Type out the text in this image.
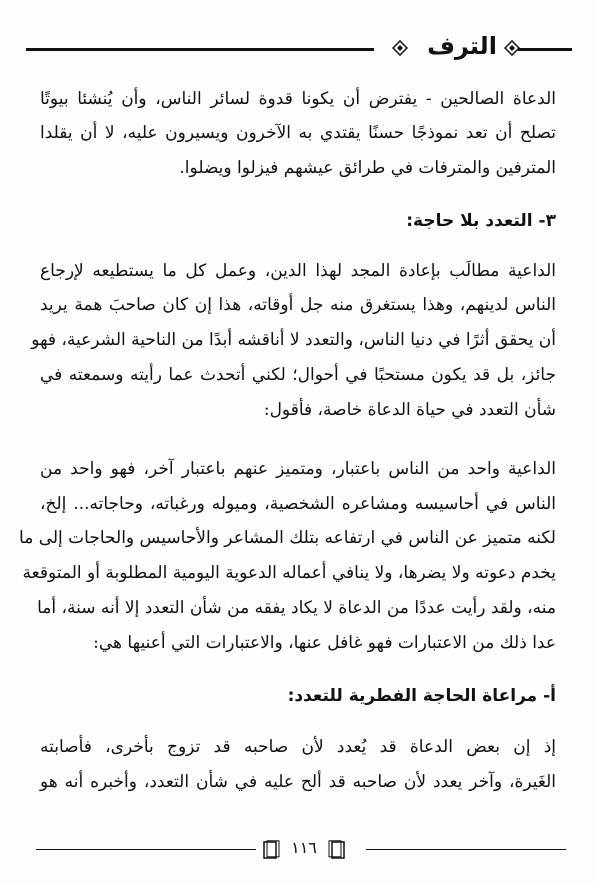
الترف
الدعاة الصالحين - يفترض أن يكونا قدوة لسائر الناس، وأن يُنشئا بيوتًا
تصلح أن تعد نموذجًا حسنًا يقتدي به الآخرون ويسيرون عليه، لا أن يقلدا
المترفين والمترفات في طرائق عيشهم فيزلوا ويضلوا.
٣- التعدد بلا حاجة:
الداعية مطالَب بإعادة المجد لهذا الدين، وعمل كل ما يستطيعه لإرجاع
الناس لدينهم، وهذا يستغرق منه جل أوقاته، هذا إن كان صاحبَ همة يريد
أن يحقق أثرًا في دنيا الناس، والتعدد لا أناقشه أبدًا من الناحية الشرعية، فهو
جائز، بل قد يكون مستحبًا في أحوال؛ لكني أتحدث عما رأيته وسمعته في
شأن التعدد في حياة الدعاة خاصة، فأقول:
الداعية واحد من الناس باعتبار، ومتميز عنهم باعتبار آخر، فهو واحد من
الناس في أحاسيسه ومشاعره الشخصية، وميوله ورغباته، وحاجاته... إلخ،
لكنه متميز عن الناس في ارتفاعه بتلك المشاعر والأحاسيس والحاجات إلى ما
يخدم دعوته ولا يضرها، ولا ينافي أعماله الدعوية اليومية المطلوبة أو المتوقعة
منه، ولقد رأيت عددًا من الدعاة لا يكاد يفقه من شأن التعدد إلا أنه سنة، أما
عدا ذلك من الاعتبارات فهو غافل عنها، والاعتبارات التي أعنيها هي:
أ- مراعاة الحاجة الفطرية للتعدد:
إذ إن بعض الدعاة قد يُعدد لأن صاحبه قد تزوج بأخرى، فأصابته
الغَيرة، وآخر يعدد لأن صاحبه قد ألح عليه في شأن التعدد، وأخبره أنه هو
١١٦
